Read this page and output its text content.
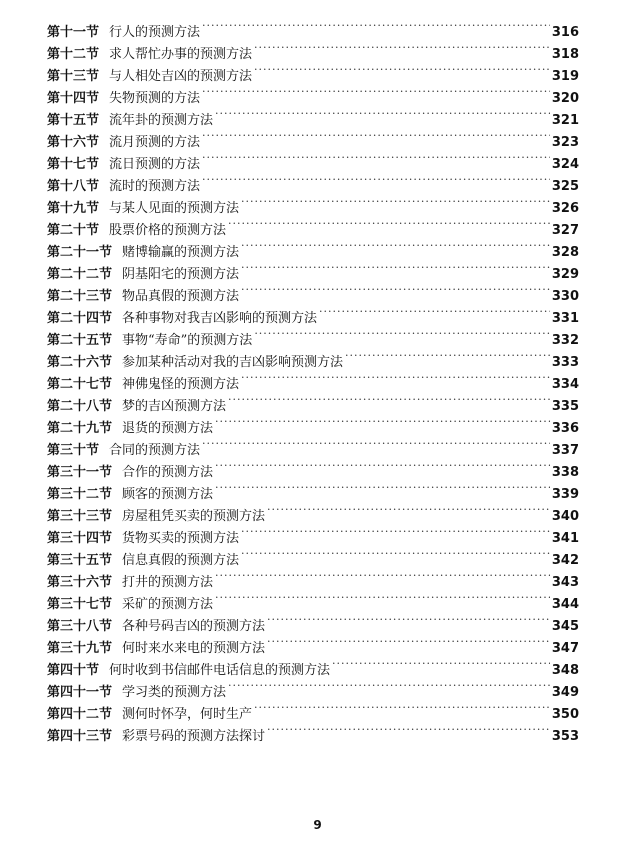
第十一节 行人的预测方法 .....	316
第十二节 求人帮忙办事的预测方法 .....	318
第十三节 与人相处吉凶的预测方法 .....	319
第十四节 失物预测的方法 .....	320
第十五节 流年卦的预测方法 .....	321
第十六节 流月预测的方法 .....	323
第十七节 流日预测的方法 .....	324
第十八节 流时的预测方法 .....	325
第十九节 与某人见面的预测方法 .....	326
第二十节 股票价格的预测方法 .....	327
第二十一节 赌博输赢的预测方法 .....	328
第二十二节 阴基阳宅的预测方法 .....	329
第二十三节 物品真假的预测方法 .....	330
第二十四节 各种事物对我吉凶影响的预测方法 .....	331
第二十五节 事物“寿命”的预测方法 .....	332
第二十六节 参加某种活动对我的吉凶影响预测方法 .....	333
第二十七节 神佛鬼怪的预测方法 .....	334
第二十八节 梦的吉凶预测方法 .....	335
第二十九节 退货的预测方法 .....	336
第三十节 合同的预测方法 .....	337
第三十一节 合作的预测方法 .....	338
第三十二节 顾客的预测方法 .....	339
第三十三节 房屋租凭买卖的预测方法 .....	340
第三十四节 货物买卖的预测方法 .....	341
第三十五节 信息真假的预测方法 .....	342
第三十六节 打井的预测方法 .....	343
第三十七节 采矿的预测方法 .....	344
第三十八节 各种号码吉凶的预测方法 .....	345
第三十九节 何时来水来电的预测方法 .....	347
第四十节 何时收到书信邮件电话信息的预测方法 .....	348
第四十一节 学习类的预测方法 .....	349
第四十二节 测何时怀孕，何时生产 .....	350
第四十三节 彩票号码的预测方法探讨 .....	353
9
